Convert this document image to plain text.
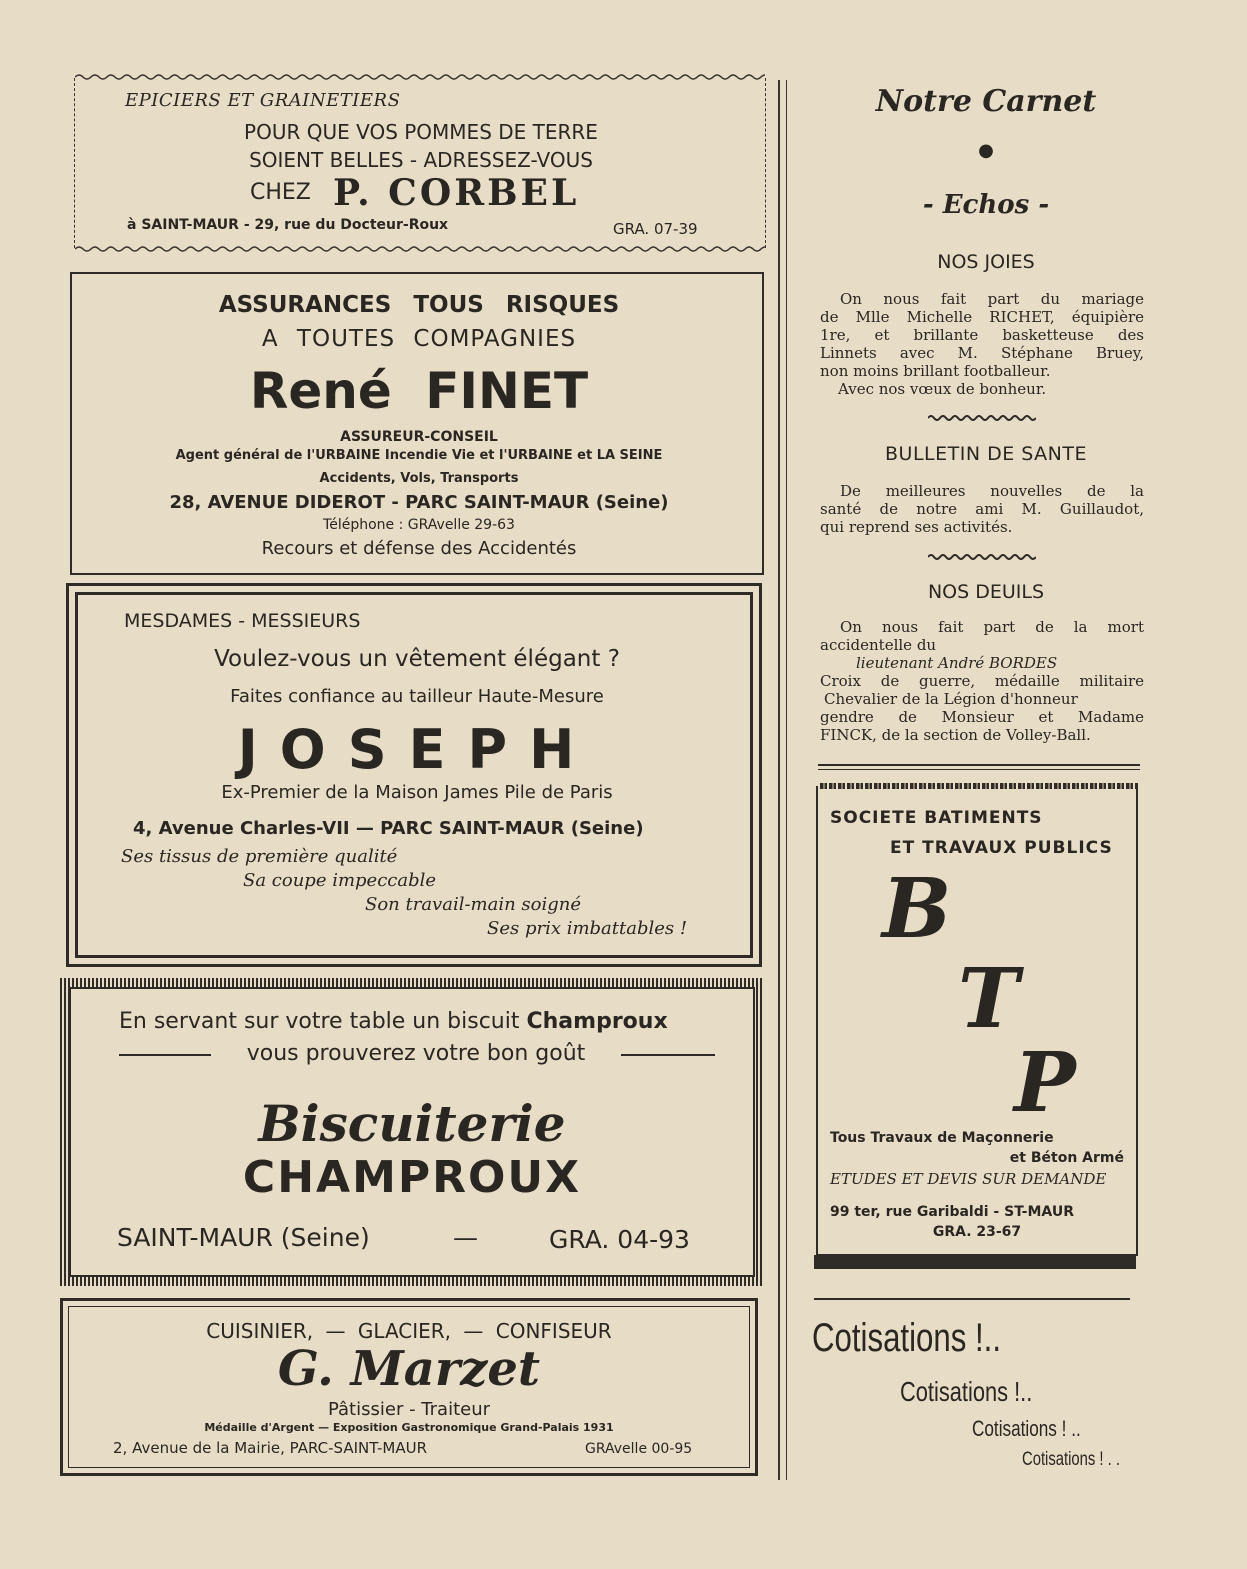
EPICIERS ET GRAINETIERS
POUR QUE VOS POMMES DE TERRE
SOIENT BELLES - ADRESSEZ-VOUS
CHEZ P. CORBEL
à SAINT-MAUR - 29, rue du Docteur-Roux	GRA. 07-39
ASSURANCES TOUS RISQUES
A TOUTES COMPAGNIES
René FINET
ASSUREUR-CONSEIL
Agent général de l'URBAINE Incendie Vie et l'URBAINE et LA SEINE
Accidents, Vols, Transports
28, AVENUE DIDEROT - PARC SAINT-MAUR (Seine)
Téléphone : GRAvelle 29-63
Recours et défense des Accidentés
MESDAMES - MESSIEURS
Voulez-vous un vêtement élégant ?
Faites confiance au tailleur Haute-Mesure
JOSEPH
Ex-Premier de la Maison James Pile de Paris
4, Avenue Charles-VII — PARC SAINT-MAUR (Seine)
Ses tissus de première qualité
Sa coupe impeccable
Son travail-main soigné
Ses prix imbattables !
En servant sur votre table un biscuit Champroux
vous prouverez votre bon goût
Biscuiterie
CHAMPROUX
SAINT-MAUR (Seine)	—	GRA. 04-93
CUISINIER, — GLACIER, — CONFISEUR
G. Marzet
Pâtissier - Traiteur
Médaille d'Argent — Exposition Gastronomique Grand-Palais 1931
2, Avenue de la Mairie, PARC-SAINT-MAUR	GRAvelle 00-95
Notre Carnet
●
- Echos -
NOS JOIES
On nous fait part du mariage
de Mlle Michelle RICHET, équipière
1re, et brillante basketteuse des
Linnets avec M. Stéphane Bruey,
non moins brillant footballeur.
Avec nos vœux de bonheur.
BULLETIN DE SANTE
De meilleures nouvelles de la
santé de notre ami M. Guillaudot,
qui reprend ses activités.
NOS DEUILS
On nous fait part de la mort
accidentelle du
lieutenant André BORDES
Croix de guerre, médaille militaire
Chevalier de la Légion d'honneur
gendre de Monsieur et Madame
FINCK, de la section de Volley-Ball.
SOCIETE BATIMENTS
ET TRAVAUX PUBLICS
B
T
P
Tous Travaux de Maçonnerie
et Béton Armé
ETUDES ET DEVIS SUR DEMANDE
99 ter, rue Garibaldi - ST-MAUR
GRA. 23-67
Cotisations !..
Cotisations !..
Cotisations ! ..
Cotisations ! . .
